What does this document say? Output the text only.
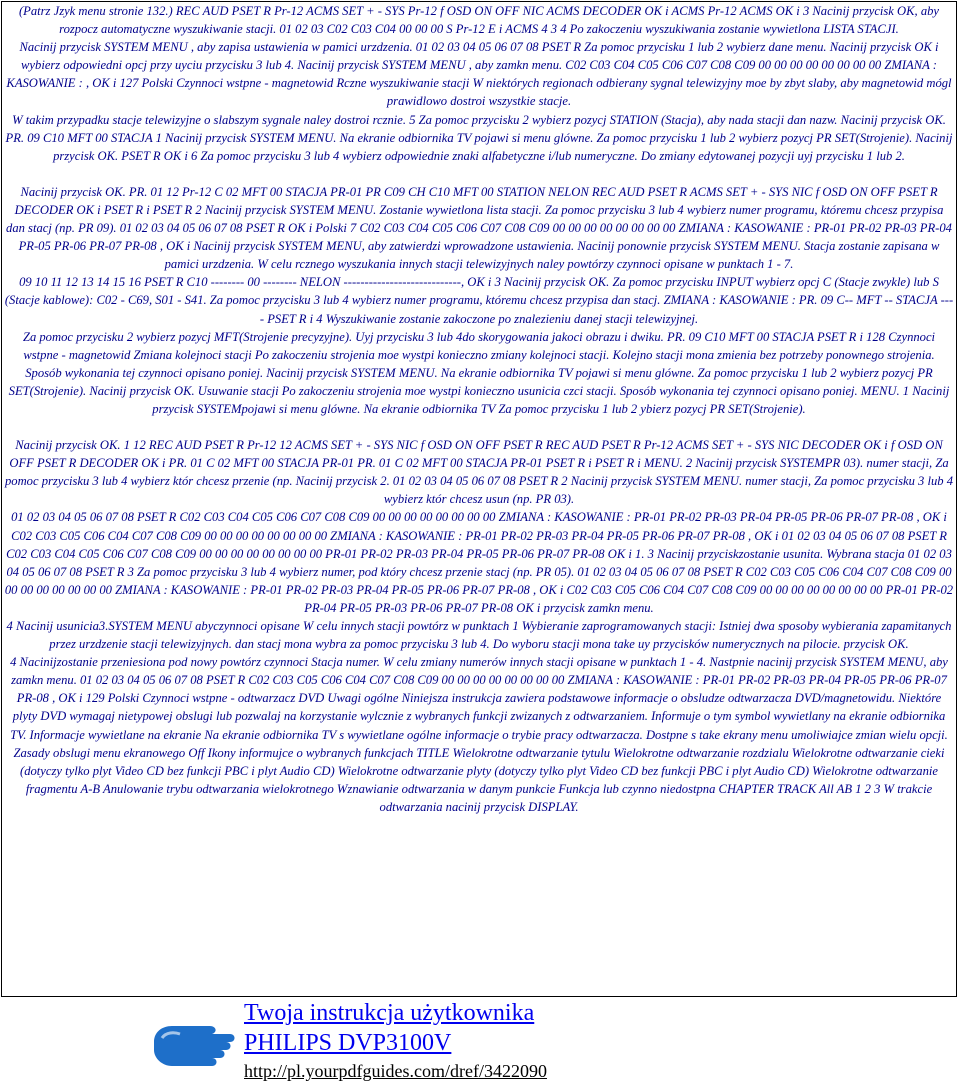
(Patrz Jzyk menu stronie 132.) REC AUD PSET R Pr-12 ACMS SET + - SYS Pr-12 f OSD ON OFF NIC ACMS DECODER OK i ACMS Pr-12 ACMS OK i 3 Nacinij przycisk OK, aby rozpocz automatyczne wyszukiwanie stacji. 01 02 03 C02 C03 C04 00 00 00 S Pr-12 E i ACMS 4 3 4 Po zakoczeniu wyszukiwania zostanie wywietlona LISTA STACJI.

Nacinij przycisk SYSTEM MENU , aby zapisa ustawienia w pamici urzdzenia. 01 02 03 04 05 06 07 08 PSET R Za pomoc przycisku 1 lub 2 wybierz dane menu. Nacinij przycisk OK i wybierz odpowiedni opcj przy uyciu przycisku 3 lub 4. Nacinij przycisk SYSTEM MENU , aby zamkn menu. C02 C03 C04 C05 C06 C07 C08 C09 00 00 00 00 00 00 00 00 ZMIANA : KASOWANIE : , OK i 127 Polski Czynnoci wstpne - magnetowid Rczne wyszukiwanie stacji W niektórych regionach odbierany sygnal telewizyjny moe by zbyt slaby, aby magnetowid mógl prawidlowo dostroi wszystkie stacje.

W takim przypadku stacje telewizyjne o slabszym sygnale naley dostroi rcznie. 5 Za pomoc przycisku 2 wybierz pozycj STATION (Stacja), aby nada stacji dan nazw. Nacinij przycisk OK. PR. 09 C10 MFT 00 STACJA 1 Nacinij przycisk SYSTEM MENU. Na ekranie odbiornika TV pojawi si menu glówne. Za pomoc przycisku 1 lub 2 wybierz pozycj PR SET(Strojenie). Nacinij przycisk OK. PSET R OK i 6 Za pomoc przycisku 3 lub 4 wybierz odpowiednie znaki alfabetyczne i/lub numeryczne. Do zmiany edytowanej pozycji uyj przycisku 1 lub 2.

Nacinij przycisk OK. PR. 01 12 Pr-12 C 02 MFT 00 STACJA PR-01 PR C09 CH C10 MFT 00 STATION NELON REC AUD PSET R ACMS SET + - SYS NIC f OSD ON OFF PSET R DECODER OK i PSET R i PSET R 2 Nacinij przycisk SYSTEM MENU. Zostanie wywietlona lista stacji. Za pomoc przycisku 3 lub 4 wybierz numer programu, któremu chcesz przypisa dan stacj (np. PR 09). 01 02 03 04 05 06 07 08 PSET R OK i Polski 7 C02 C03 C04 C05 C06 C07 C08 C09 00 00 00 00 00 00 00 00 ZMIANA : KASOWANIE : PR-01 PR-02 PR-03 PR-04 PR-05 PR-06 PR-07 PR-08 , OK i Nacinij przycisk SYSTEM MENU, aby zatwierdzi wprowadzone ustawienia. Nacinij ponownie przycisk SYSTEM MENU. Stacja zostanie zapisana w pamici urzdzenia. W celu rcznego wyszukania innych stacji telewizyjnych naley powtórzy czynnoci opisane w punktach 1 - 7.

09 10 11 12 13 14 15 16 PSET R C10 -------- 00 -------- NELON ----------------------------, OK i 3 Nacinij przycisk OK. Za pomoc przycisku INPUT wybierz opcj C (Stacje zwykle) lub S (Stacje kablowe): C02 - C69, S01 - S41. Za pomoc przycisku 3 lub 4 wybierz numer programu, któremu chcesz przypisa dan stacj. ZMIANA : KASOWANIE : PR. 09 C-- MFT -- STACJA ---- PSET R i 4 Wyszukiwanie zostanie zakoczone po znalezieniu danej stacji telewizyjnej.

Za pomoc przycisku 2 wybierz pozycj MFT(Strojenie precyzyjne). Uyj przycisku 3 lub 4do skorygowania jakoci obrazu i dwiku. PR. 09 C10 MFT 00 STACJA PSET R i 128 Czynnoci wstpne - magnetowid Zmiana kolejnoci stacji Po zakoczeniu strojenia moe wystpi konieczno zmiany kolejnoci stacji. Kolejno stacji mona zmienia bez potrzeby ponownego strojenia.

Sposób wykonania tej czynnoci opisano poniej. Nacinij przycisk SYSTEM MENU. Na ekranie odbiornika TV pojawi si menu glówne. Za pomoc przycisku 1 lub 2 wybierz pozycj PR SET(Strojenie). Nacinij przycisk OK. Usuwanie stacji Po zakoczeniu strojenia moe wystpi konieczno usunicia czci stacji. Sposób wykonania tej czynnoci opisano poniej. MENU. 1 Nacinij przycisk SYSTEMpojawi si menu glówne. Na ekranie odbiornika TV Za pomoc przycisku 1 lub 2 ybierz pozycj PR SET(Strojenie).

Nacinij przycisk OK. 1 12 REC AUD PSET R Pr-12 12 ACMS SET + - SYS NIC f OSD ON OFF PSET R REC AUD PSET R Pr-12 ACMS SET + - SYS NIC DECODER OK i f OSD ON OFF PSET R DECODER OK i PR. 01 C 02 MFT 00 STACJA PR-01 PR. 01 C 02 MFT 00 STACJA PR-01 PSET R i PSET R i MENU. 2 Nacinij przycisk SYSTEMPR 03). numer stacji, Za pomoc przycisku 3 lub 4 wybierz któr chcesz przenie (np. Nacinij przycisk 2. 01 02 03 04 05 06 07 08 PSET R 2 Nacinij przycisk SYSTEM MENU. numer stacji, Za pomoc przycisku 3 lub 4 wybierz któr chcesz usun (np. PR 03).

01 02 03 04 05 06 07 08 PSET R C02 C03 C04 C05 C06 C07 C08 C09 00 00 00 00 00 00 00 00 ZMIANA : KASOWANIE : PR-01 PR-02 PR-03 PR-04 PR-05 PR-06 PR-07 PR-08 , OK i C02 C03 C05 C06 C04 C07 C08 C09 00 00 00 00 00 00 00 00 ZMIANA : KASOWANIE : PR-01 PR-02 PR-03 PR-04 PR-05 PR-06 PR-07 PR-08 , OK i 01 02 03 04 05 06 07 08 PSET R C02 C03 C04 C05 C06 C07 C08 C09 00 00 00 00 00 00 00 00 PR-01 PR-02 PR-03 PR-04 PR-05 PR-06 PR-07 PR-08 OK i 1. 3 Nacinij przyciskzostanie usunita. Wybrana stacja 01 02 03 04 05 06 07 08 PSET R 3 Za pomoc przycisku 3 lub 4 wybierz numer, pod który chcesz przenie stacj (np. PR 05). 01 02 03 04 05 06 07 08 PSET R C02 C03 C05 C06 C04 C07 C08 C09 00 00 00 00 00 00 00 00 ZMIANA : KASOWANIE : PR-01 PR-02 PR-03 PR-04 PR-05 PR-06 PR-07 PR-08 , OK i C02 C03 C05 C06 C04 C07 C08 C09 00 00 00 00 00 00 00 00 PR-01 PR-02 PR-04 PR-05 PR-03 PR-06 PR-07 PR-08 OK i przycisk zamkn menu.

4 Nacinij usunicia3.SYSTEM MENU abyczynnoci opisane W celu innych stacji powtórz w punktach 1 Wybieranie zaprogramowanych stacji: Istniej dwa sposoby wybierania zapamitanych przez urzdzenie stacji telewizyjnych. dan stacj mona wybra za pomoc przycisku 3 lub 4. Do wyboru stacji mona take uy przycisków numerycznych na pilocie. przycisk OK.

4 Nacinijzostanie przeniesiona pod nowy powtórz czynnoci Stacja numer. W celu zmiany numerów innych stacji opisane w punktach 1 - 4. Nastpnie nacinij przycisk SYSTEM MENU, aby zamkn menu. 01 02 03 04 05 06 07 08 PSET R C02 C03 C05 C06 C04 C07 C08 C09 00 00 00 00 00 00 00 00 ZMIANA : KASOWANIE : PR-01 PR-02 PR-03 PR-04 PR-05 PR-06 PR-07 PR-08 , OK i 129 Polski Czynnoci wstpne - odtwarzacz DVD Uwagi ogólne Niniejsza instrukcja zawiera podstawowe informacje o obsludze odtwarzacza DVD/magnetowidu. Niektóre plyty DVD wymagaj nietypowej obslugi lub pozwalaj na korzystanie wylcznie z wybranych funkcji zwizanych z odtwarzaniem. Informuje o tym symbol wywietlany na ekranie odbiornika TV. Informacje wywietlane na ekranie Na ekranie odbiornika TV s wywietlane ogólne informacje o trybie pracy odtwarzacza. Dostpne s take ekrany menu umoliwiajce zmian wielu opcji. Zasady obslugi menu ekranowego Off Ikony informujce o wybranych funkcjach TITLE Wielokrotne odtwarzanie tytulu Wielokrotne odtwarzanie rozdzialu Wielokrotne odtwarzanie cieki (dotyczy tylko plyt Video CD bez funkcji PBC i plyt Audio CD) Wielokrotne odtwarzanie plyty (dotyczy tylko plyt Video CD bez funkcji PBC i plyt Audio CD) Wielokrotne odtwarzanie fragmentu A-B Anulowanie trybu odtwarzania wielokrotnego Wznawianie odtwarzania w danym punkcie Funkcja lub czynno niedostpna CHAPTER TRACK All AB 1 2 3 W trakcie odtwarzania nacinij przycisk DISPLAY.

Twoja instrukcja użytkownika
PHILIPS DVP3100V
http://pl.yourpdfguides.com/dref/3422090
